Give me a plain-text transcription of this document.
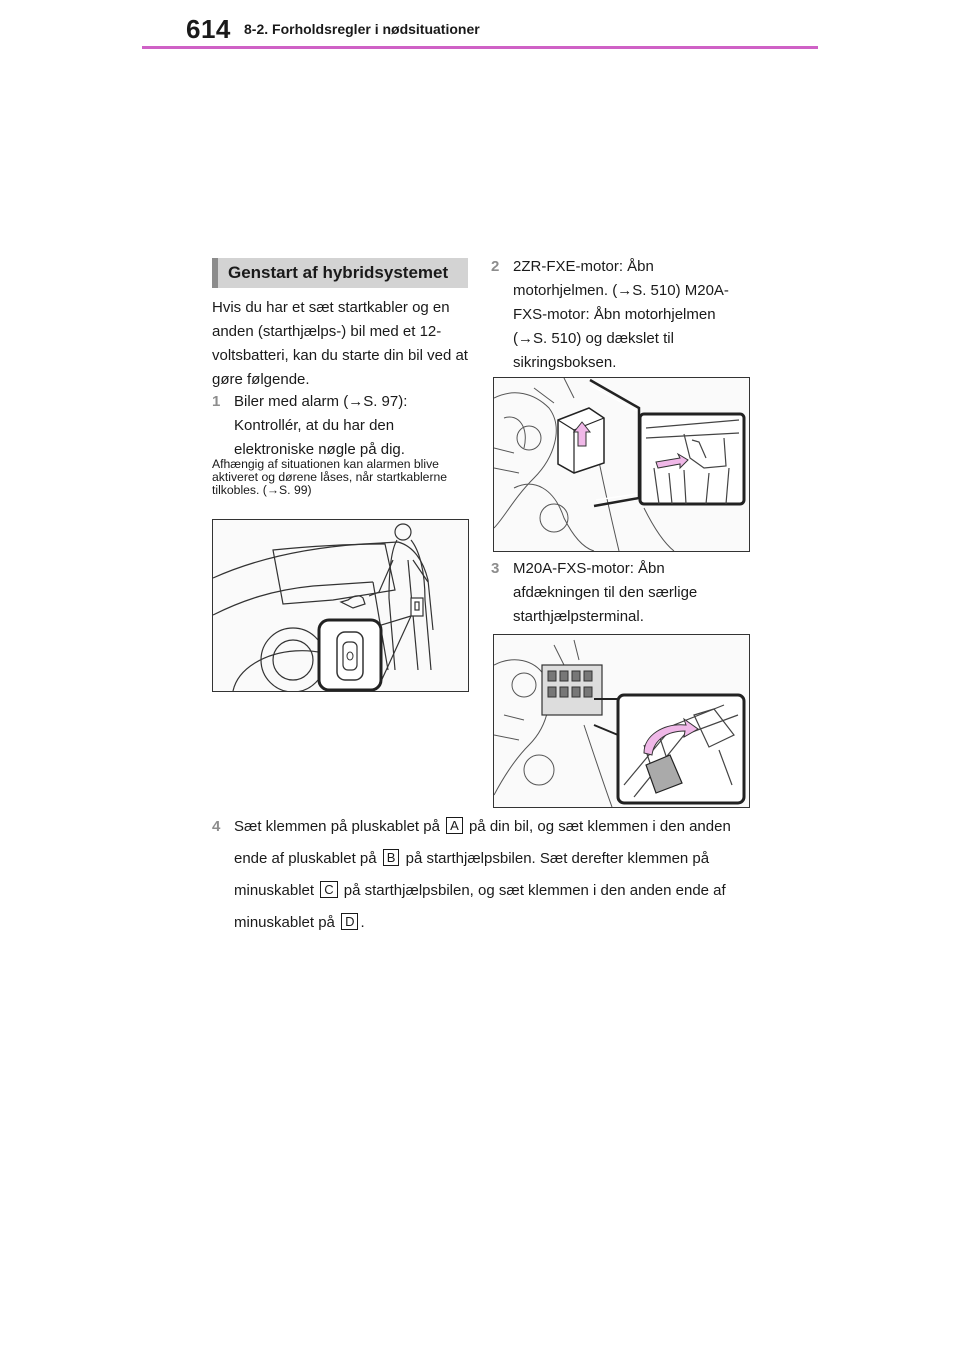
614 8-2. Forholdsregler i nødsituationer
Genstart af hybridsystemet
Hvis du har et sæt startkabler og en anden (starthjælps-) bil med et 12-voltsbatteri, kan du starte din bil ved at gøre følgende.
1 Biler med alarm (→S. 97): Kontrollér, at du har den elektroniske nøgle på dig.
Afhængig af situationen kan alarmen blive aktiveret og dørene låses, når startkablerne tilkobles. (→S. 99)
2 2ZR-FXE-motor: Åbn motorhjelmen. (→S. 510) M20A-FXS-motor: Åbn motorhjelmen (→S. 510) og dækslet til sikringsboksen.
3 M20A-FXS-motor: Åbn afdækningen til den særlige starthjælpsterminal.
4 Sæt klemmen på pluskablet på A på din bil, og sæt klemmen i den anden ende af pluskablet på B på starthjælpsbilen. Sæt derefter klemmen på minuskablet C på starthjælpsbilen, og sæt klemmen i den anden ende af minuskablet på D .
